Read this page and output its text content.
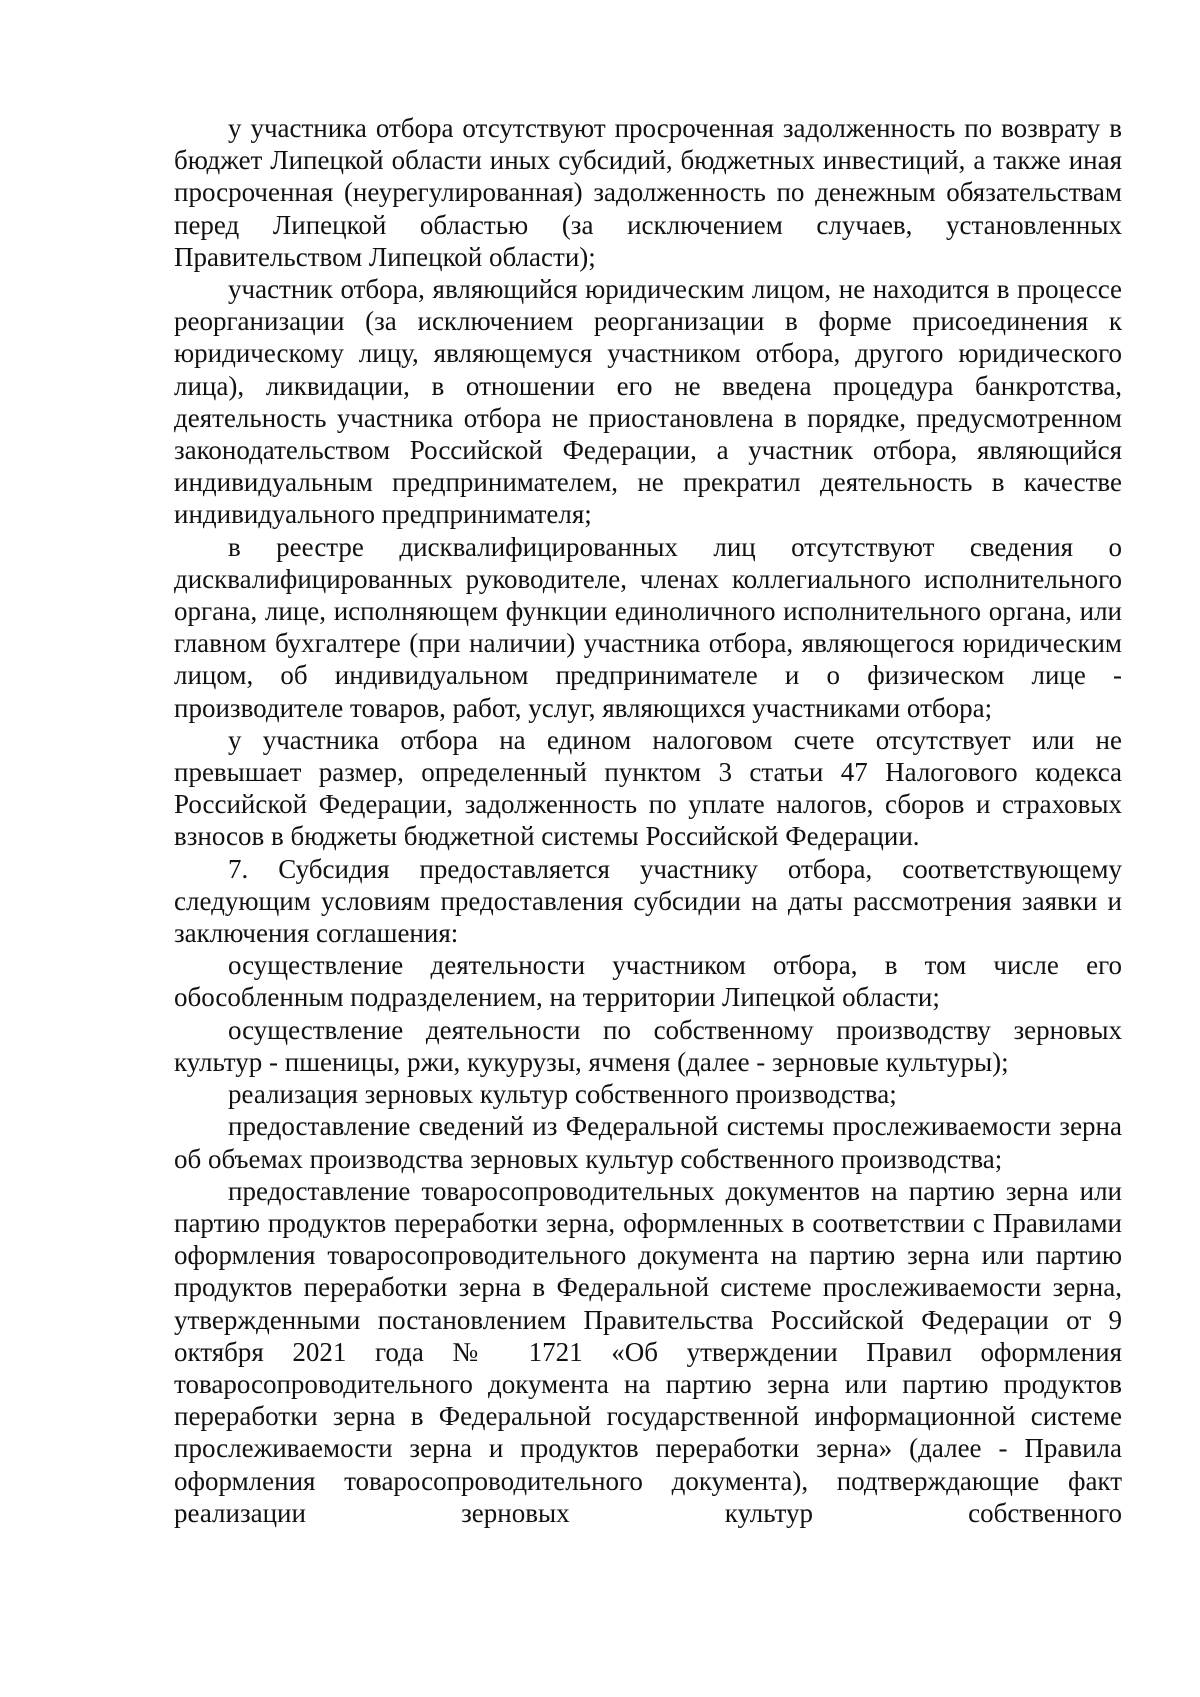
у участника отбора отсутствуют просроченная задолженность по возврату в бюджет Липецкой области иных субсидий, бюджетных инвестиций, а также иная просроченная (неурегулированная) задолженность по денежным обязательствам перед Липецкой областью (за исключением случаев, установленных Правительством Липецкой области);

участник отбора, являющийся юридическим лицом, не находится в процессе реорганизации (за исключением реорганизации в форме присоединения к юридическому лицу, являющемуся участником отбора, другого юридического лица), ликвидации, в отношении его не введена процедура банкротства, деятельность участника отбора не приостановлена в порядке, предусмотренном законодательством Российской Федерации, а участник отбора, являющийся индивидуальным предпринимателем, не прекратил деятельность в качестве индивидуального предпринимателя;

в реестре дисквалифицированных лиц отсутствуют сведения о дисквалифицированных руководителе, членах коллегиального исполнительного органа, лице, исполняющем функции единоличного исполнительного органа, или главном бухгалтере (при наличии) участника отбора, являющегося юридическим лицом, об индивидуальном предпринимателе и о физическом лице - производителе товаров, работ, услуг, являющихся участниками отбора;

у участника отбора на едином налоговом счете отсутствует или не превышает размер, определенный пунктом 3 статьи 47 Налогового кодекса Российской Федерации, задолженность по уплате налогов, сборов и страховых взносов в бюджеты бюджетной системы Российской Федерации.

7. Субсидия предоставляется участнику отбора, соответствующему следующим условиям предоставления субсидии на даты рассмотрения заявки и заключения соглашения:

осуществление деятельности участником отбора, в том числе его обособленным подразделением, на территории Липецкой области;

осуществление деятельности по собственному производству зерновых культур - пшеницы, ржи, кукурузы, ячменя (далее - зерновые культуры);

реализация зерновых культур собственного производства;

предоставление сведений из Федеральной системы прослеживаемости зерна об объемах производства зерновых культур собственного производства;

предоставление товаросопроводительных документов на партию зерна или партию продуктов переработки зерна, оформленных в соответствии с Правилами оформления товаросопроводительного документа на партию зерна или партию продуктов переработки зерна в Федеральной системе прослеживаемости зерна, утвержденными постановлением Правительства Российской Федерации от 9 октября 2021 года № 1721 «Об утверждении Правил оформления товаросопроводительного документа на партию зерна или партию продуктов переработки зерна в Федеральной государственной информационной системе прослеживаемости зерна и продуктов переработки зерна» (далее - Правила оформления товаросопроводительного документа), подтверждающие факт реализации зерновых культур собственного
